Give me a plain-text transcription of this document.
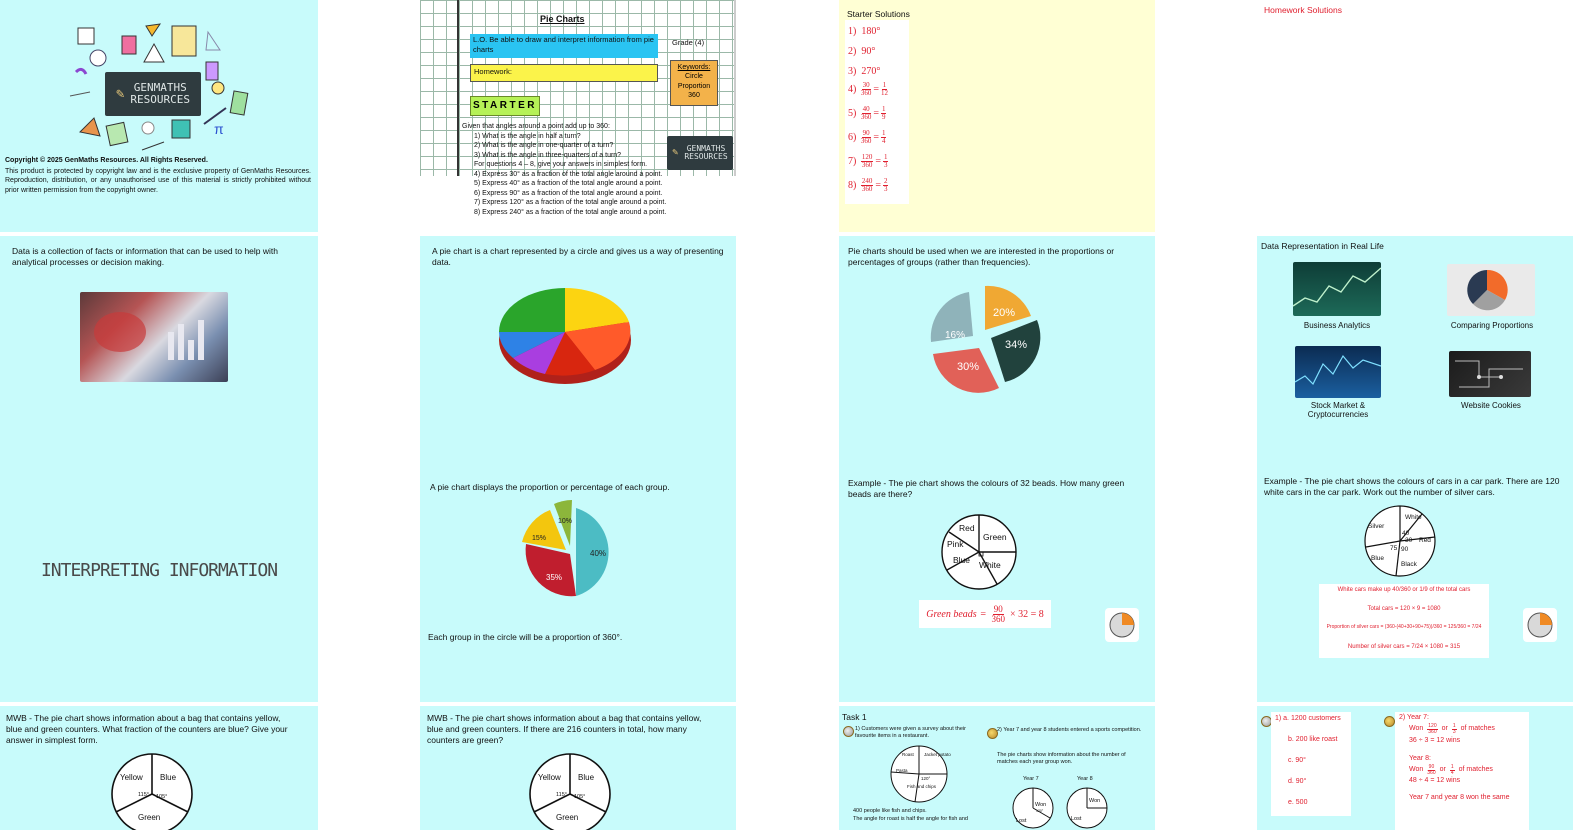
π
✎ GENMATHS
RESOURCES
Copyright © 2025 GenMaths Resources. All Rights Reserved.
This product is protected by copyright law and is the exclusive property of GenMaths Resources. Reproduction, distribution, or any unauthorised use of this material is strictly prohibited without prior written permission from the copyright owner.
Pie Charts
L.O. Be able to draw and interpret information from pie charts
Grade (4)
Homework:	Keywords:
Circle
Proportion
360
STARTER
Given that angles around a point add up to 360:
1) What is the angle in half a turn?
2) What is the angle in one-quarter of a turn?
3) What is the angle in three-quarters of a turn?
For questions 4 – 8, give your answers in simplest form.
4) Express 30° as a fraction of the total angle around a point.
5) Express 40° as a fraction of the total angle around a point.
6) Express 90° as a fraction of the total angle around a point.
7) Express 120° as a fraction of the total angle around a point.
8) Express 240° as a fraction of the total angle around a point.
✎	GENMATHS
RESOURCES
Starter Solutions
1) 180°
2) 90°
3) 270°
$4) \frac{30}{360} = \frac{1}{12}$
$5) \frac{40}{360} = \frac{1}{9}$
$6) \frac{90}{360} = \frac{1}{4}$
$7) \frac{120}{360} = \frac{1}{3}$
$8) \frac{240}{360} = \frac{2}{3}$
Homework Solutions
Data is a collection of facts or information that can be used to help with analytical processes or decision making.
INTERPRETING INFORMATION
A pie chart is a chart represented by a circle and gives us a way of presenting data.
A pie chart displays the proportion or percentage of each group.
10%
15%
40%
35%
Each group in the circle will be a proportion of 360°.
Pie charts should be used when we are interested in the proportions or percentages of groups (rather than frequencies).
20%
34%
30%
16%
Example - The pie chart shows the colours of 32 beads. How many green beads are there?
Red
Green
Pink
Blue White
Green beads = $\frac{90}{360} \times 32 = 8$
Data Representation in Real Life
Business Analytics	Comparing Proportions
Stock Market & Cryptocurrencies
Website Cookies
Example - The pie chart shows the colours of cars in a car park. There are 120 white cars in the car park. Work out the number of silver cars.
White
Silver
Red
Blue
Black
40
30
75 90
White cars make up 40/360 or 1/9 of the total cars
Total cars = 120 × 9 = 1080
Proportion of silver cars = (360-(40+30+90+75))/360 = 125/360 = 7/24
Number of silver cars = 7/24 × 1080 = 315
MWB - The pie chart shows information about a bag that contains yellow, blue and green counters. What fraction of the counters are blue? Give your answer in simplest form.
Yellow Blue
Green
115° 105°
MWB - The pie chart shows information about a bag that contains yellow, blue and green counters. If there are 216 counters in total, how many counters are green?
Yellow Blue
Green
115° 105°
Task 1
1) Customers were given a survey about their favourite items in a restaurant.
Roast Jacket potato
Pasta
Fish and chips
120°
400 people like fish and chips.
The angle for roast is half the angle for fish and
2) Year 7 and year 8 students entered a sports competition.
The pie charts show information about the number of matches each year group won.
Year 7	Year 8
Won
120°
Lost
Won
Lost
1) a. 1200 customers
b. 200 like roast
c. 90°
d. 90°
e. 500
2) Year 7:
Won $\frac{120}{360}$ or $\frac{1}{3}$ of matches
36 ÷ 3 = 12 wins
Year 8:
Won $\frac{90}{360}$ or $\frac{1}{4}$ of matches
48 ÷ 4 = 12 wins
Year 7 and year 8 won the same
